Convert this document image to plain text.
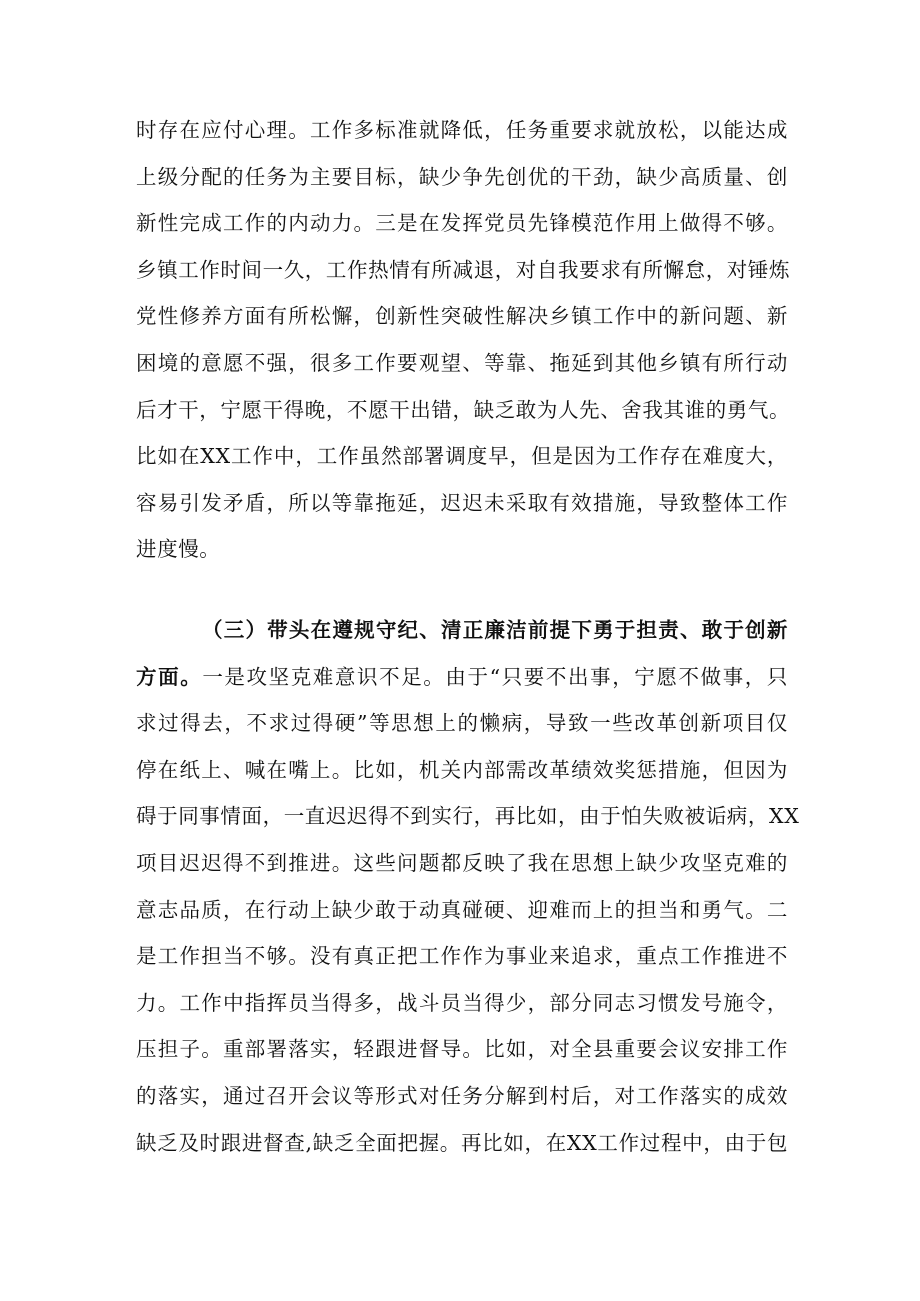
时存在应付心理。工作多标准就降低，任务重要求就放松，以能达成
上级分配的任务为主要目标，缺少争先创优的干劲，缺少高质量、创
新性完成工作的内动力。三是在发挥党员先锋模范作用上做得不够。
乡镇工作时间一久，工作热情有所减退，对自我要求有所懈怠，对锤炼
党性修养方面有所松懈，创新性突破性解决乡镇工作中的新问题、新
困境的意愿不强，很多工作要观望、等靠、拖延到其他乡镇有所行动
后才干，宁愿干得晚，不愿干出错，缺乏敢为人先、舍我其谁的勇气。
比如在XX工作中，工作虽然部署调度早，但是因为工作存在难度大，
容易引发矛盾，所以等靠拖延，迟迟未采取有效措施，导致整体工作
进度慢。
（三）带头在遵规守纪、清正廉洁前提下勇于担责、敢于创新
方面。一是攻坚克难意识不足。由于“只要不出事，宁愿不做事，只
求过得去，不求过得硬”等思想上的懒病，导致一些改革创新项目仅
停在纸上、喊在嘴上。比如，机关内部需改革绩效奖惩措施，但因为
碍于同事情面，一直迟迟得不到实行，再比如，由于怕失败被诟病，XX
项目迟迟得不到推进。这些问题都反映了我在思想上缺少攻坚克难的
意志品质，在行动上缺少敢于动真碰硬、迎难而上的担当和勇气。二
是工作担当不够。没有真正把工作作为事业来追求，重点工作推进不
力。工作中指挥员当得多，战斗员当得少，部分同志习惯发号施令，
压担子。重部署落实，轻跟进督导。比如，对全县重要会议安排工作
的落实，通过召开会议等形式对任务分解到村后，对工作落实的成效
缺乏及时跟进督查,缺乏全面把握。再比如，在XX工作过程中，由于包
